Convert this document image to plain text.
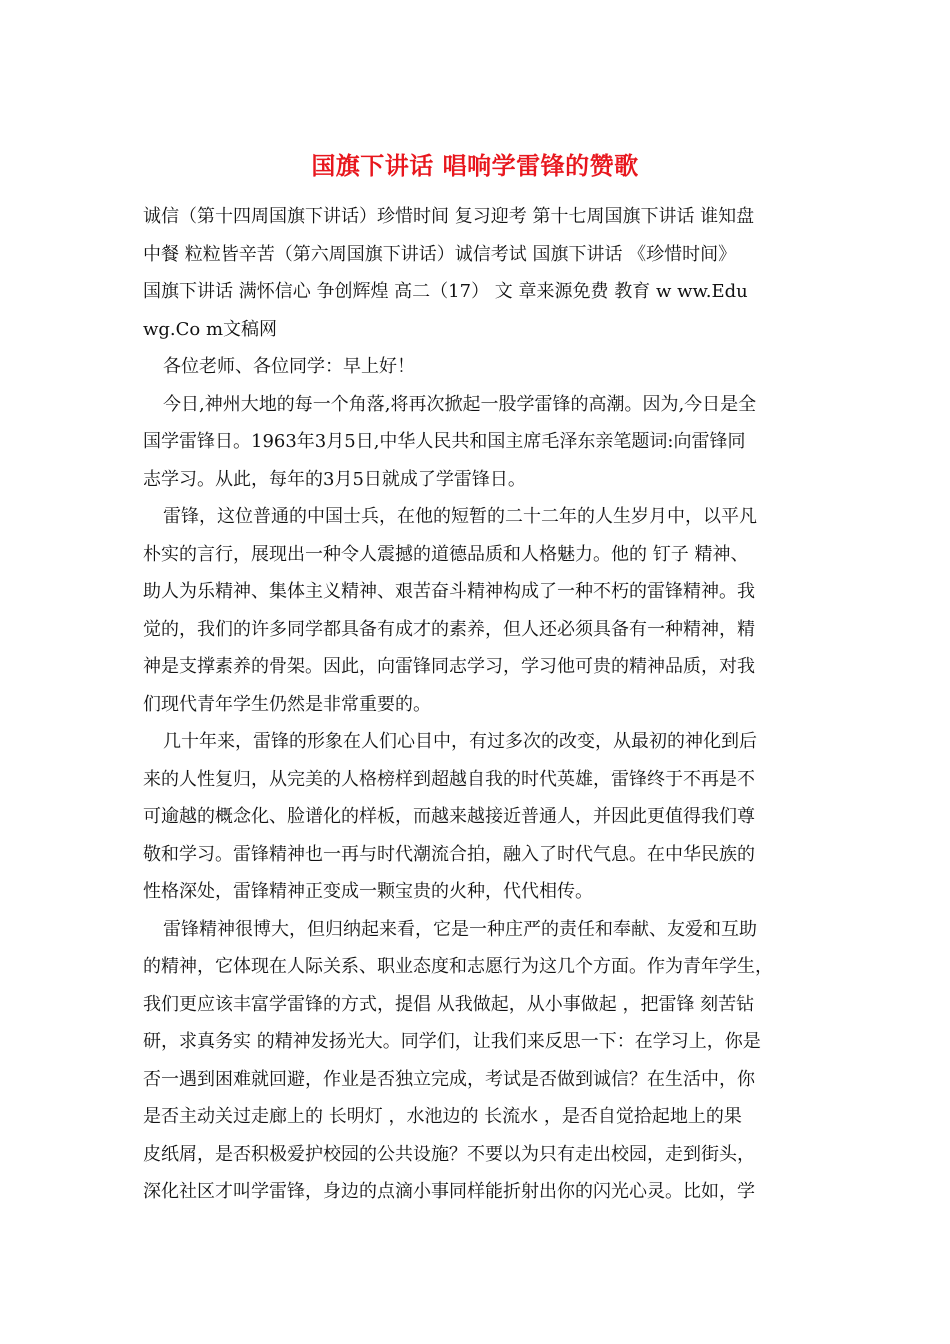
国旗下讲话 唱响学雷锋的赞歌
诚信（第十四周国旗下讲话）珍惜时间 复习迎考 第十七周国旗下讲话 谁知盘
中餐 粒粒皆辛苦（第六周国旗下讲话）诚信考试 国旗下讲话 《珍惜时间》
国旗下讲话 满怀信心 争创辉煌 高二（17） 文 章来源免费 教育 w ww.Edu
wg.Co m文稿网
各位老师、各位同学：早上好！
今日,神州大地的每一个角落,将再次掀起一股学雷锋的高潮。因为,今日是全
国学雷锋日。1963年3月5日,中华人民共和国主席毛泽东亲笔题词:向雷锋同
志学习。从此，每年的3月5日就成了学雷锋日。
雷锋，这位普通的中国士兵，在他的短暂的二十二年的人生岁月中，以平凡
朴实的言行，展现出一种令人震撼的道德品质和人格魅力。他的 钉子 精神、
助人为乐精神、集体主义精神、艰苦奋斗精神构成了一种不朽的雷锋精神。我
觉的，我们的许多同学都具备有成才的素养，但人还必须具备有一种精神，精
神是支撑素养的骨架。因此，向雷锋同志学习，学习他可贵的精神品质，对我
们现代青年学生仍然是非常重要的。
几十年来，雷锋的形象在人们心目中，有过多次的改变，从最初的神化到后
来的人性复归，从完美的人格榜样到超越自我的时代英雄，雷锋终于不再是不
可逾越的概念化、脸谱化的样板，而越来越接近普通人，并因此更值得我们尊
敬和学习。雷锋精神也一再与时代潮流合拍，融入了时代气息。在中华民族的
性格深处，雷锋精神正变成一颗宝贵的火种，代代相传。
雷锋精神很博大，但归纳起来看，它是一种庄严的责任和奉献、友爱和互助
的精神，它体现在人际关系、职业态度和志愿行为这几个方面。作为青年学生，
我们更应该丰富学雷锋的方式，提倡 从我做起，从小事做起 ，把雷锋 刻苦钻
研，求真务实 的精神发扬光大。同学们，让我们来反思一下：在学习上，你是
否一遇到困难就回避，作业是否独立完成，考试是否做到诚信？在生活中，你
是否主动关过走廊上的 长明灯 ，水池边的 长流水 ，是否自觉拾起地上的果
皮纸屑，是否积极爱护校园的公共设施？不要以为只有走出校园，走到街头，
深化社区才叫学雷锋，身边的点滴小事同样能折射出你的闪光心灵。比如，学
